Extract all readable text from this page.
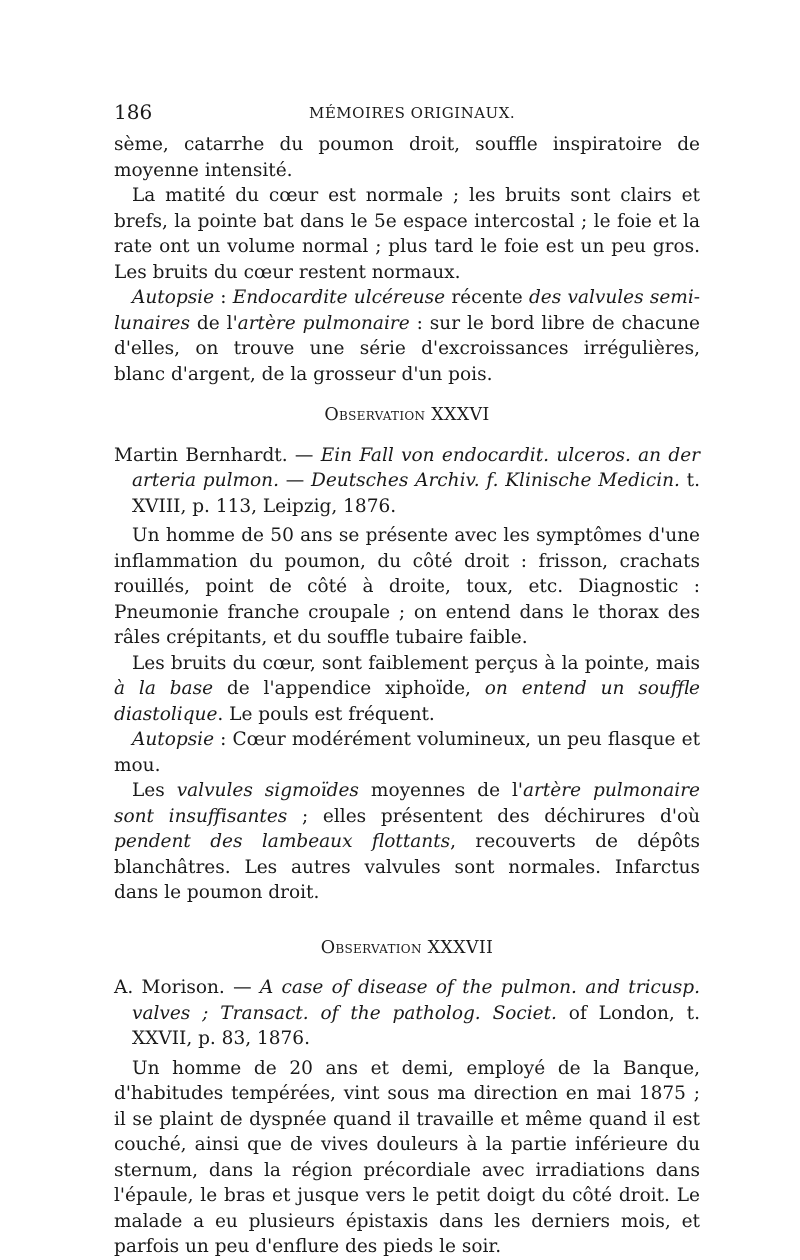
186	MÉMOIRES ORIGINAUX.

sème, catarrhe du poumon droit, souffle inspiratoire de moyenne intensité.

La matité du cœur est normale ; les bruits sont clairs et brefs, la pointe bat dans le 5e espace intercostal ; le foie et la rate ont un volume normal ; plus tard le foie est un peu gros. Les bruits du cœur restent normaux.

Autopsie : Endocardite ulcéreuse récente des valvules semi-lunaires de l'artère pulmonaire : sur le bord libre de chacune d'elles, on trouve une série d'excroissances irrégulières, blanc d'argent, de la grosseur d'un pois.

Observation XXXVI

Martin Bernhardt. — Ein Fall von endocardit. ulceros. an der arteria pulmon. — Deutsches Archiv. f. Klinische Medicin. t. XVIII, p. 113, Leipzig, 1876.

Un homme de 50 ans se présente avec les symptômes d'une inflammation du poumon, du côté droit : frisson, crachats rouillés, point de côté à droite, toux, etc. Diagnostic : Pneumonie franche croupale ; on entend dans le thorax des râles crépitants, et du souffle tubaire faible.

Les bruits du cœur, sont faiblement perçus à la pointe, mais à la base de l'appendice xiphoïde, on entend un souffle diastolique. Le pouls est fréquent.

Autopsie : Cœur modérément volumineux, un peu flasque et mou.

Les valvules sigmoïdes moyennes de l'artère pulmonaire sont insuffisantes ; elles présentent des déchirures d'où pendent des lambeaux flottants, recouverts de dépôts blanchâtres. Les autres valvules sont normales. Infarctus dans le poumon droit.

Observation XXXVII

A. Morison. — A case of disease of the pulmon. and tricusp. valves ; Transact. of the patholog. Societ. of London, t. XXVII, p. 83, 1876.

Un homme de 20 ans et demi, employé de la Banque, d'habitudes tempérées, vint sous ma direction en mai 1875 ; il se plaint de dyspnée quand il travaille et même quand il est couché, ainsi que de vives douleurs à la partie inférieure du sternum, dans la région précordiale avec irradiations dans l'épaule, le bras et jusque vers le petit doigt du côté droit. Le malade a eu plusieurs épistaxis dans les derniers mois, et parfois un peu d'enflure des pieds le soir.
